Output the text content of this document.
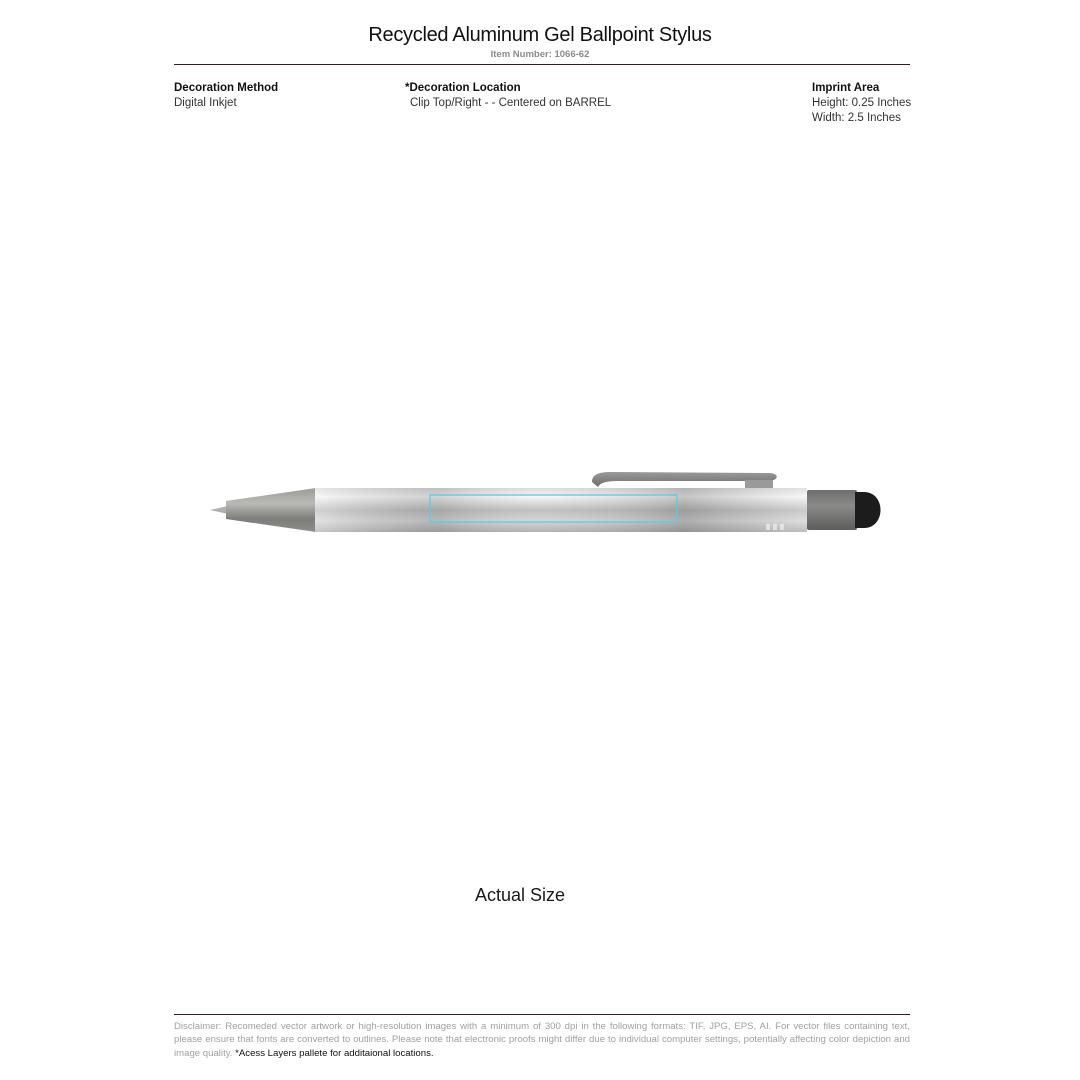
Recycled Aluminum Gel Ballpoint Stylus
Item Number: 1066-62
Decoration Method
Digital Inkjet
*Decoration Location
Clip Top/Right - - Centered on BARREL
Imprint Area
Height: 0.25 Inches
Width: 2.5 Inches
Actual Size
Disclaimer: Recomeded vector artwork or high-resolution images with a minimum of 300 dpi in the following formats: TIF, JPG, EPS, AI. For vector files containing text, please ensure that fonts are converted to outlines. Please note that electronic proofs might differ due to individual computer settings, potentially affecting color depiction and image quality. *Acess Layers pallete for additaional locations.
